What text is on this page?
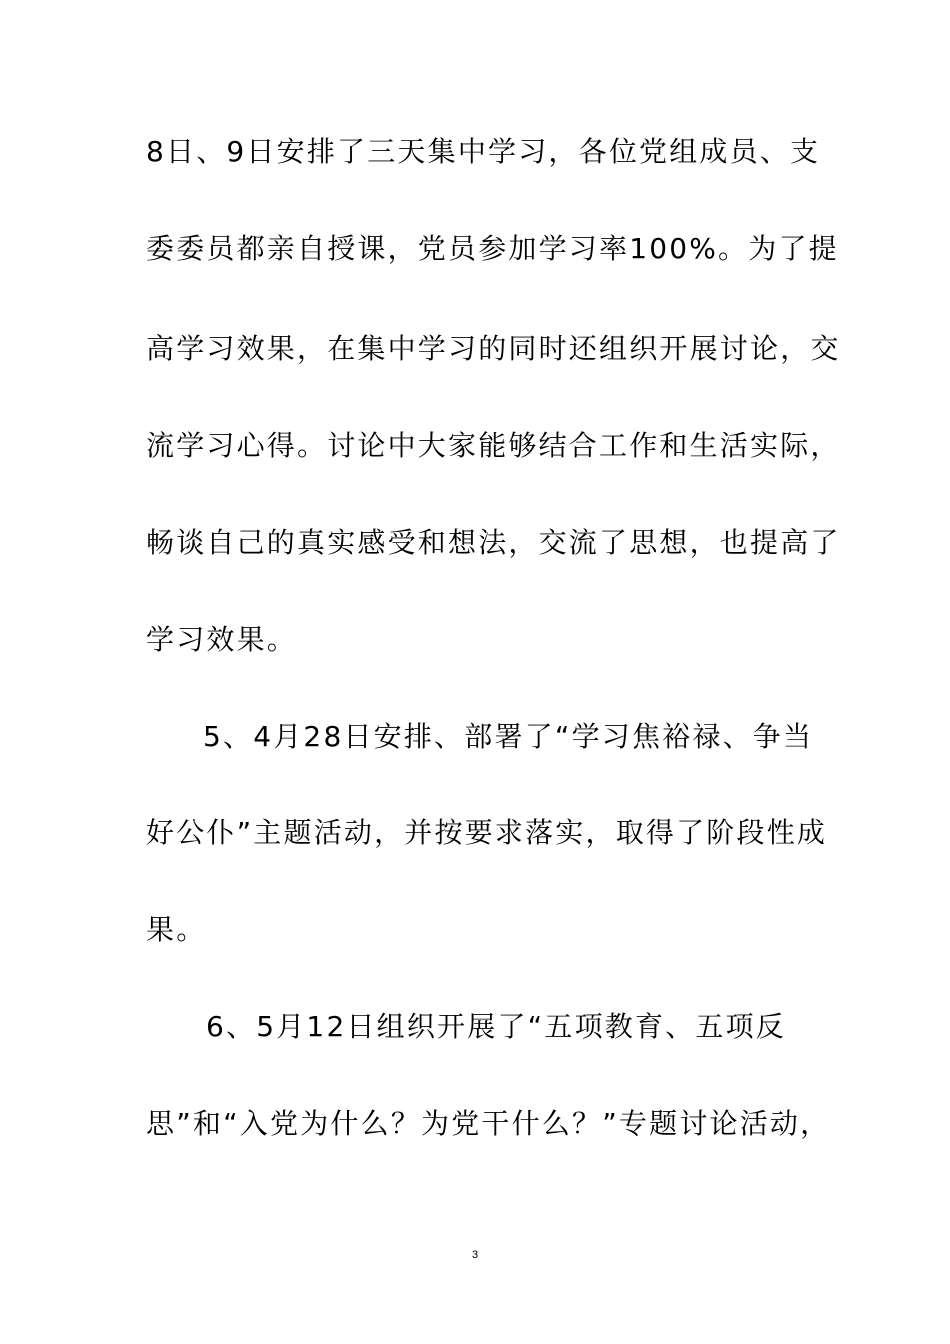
8日、9日安排了三天集中学习，各位党组成员、支
委委员都亲自授课，党员参加学习率100%。为了提
高学习效果，在集中学习的同时还组织开展讨论，交
流学习心得。讨论中大家能够结合工作和生活实际，
畅谈自己的真实感受和想法，交流了思想，也提高了
学习效果。
5、4月28日安排、部署了“学习焦裕禄、争当
好公仆”主题活动，并按要求落实，取得了阶段性成
果。
6、5月12日组织开展了“五项教育、五项反
思”和“入党为什么？为党干什么？”专题讨论活动，
3
